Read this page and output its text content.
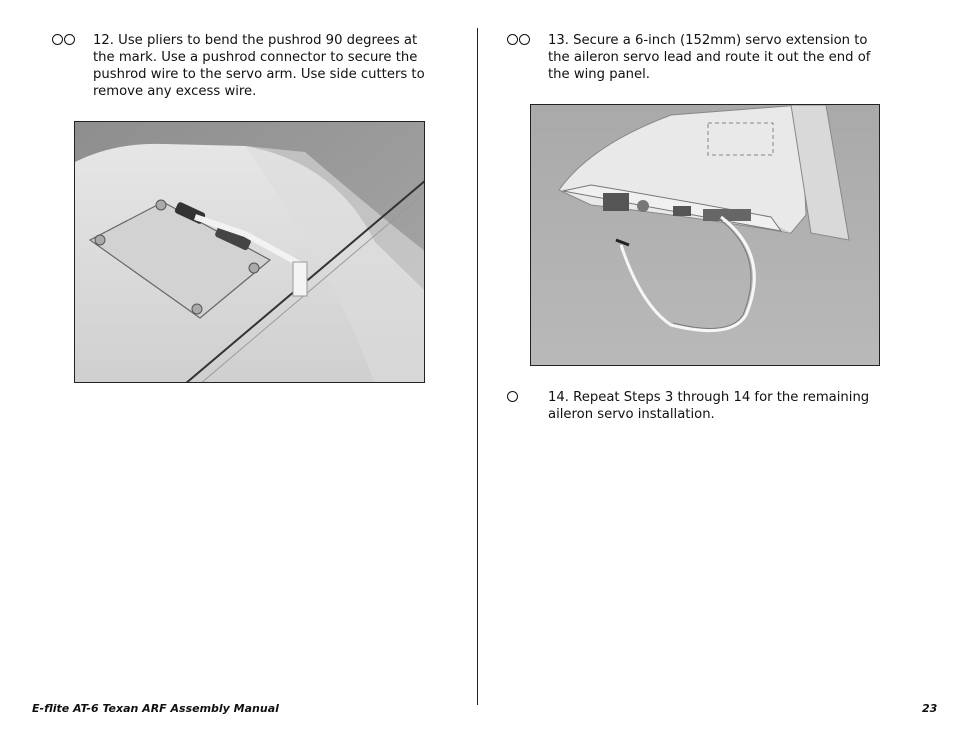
12. Use pliers to bend the pushrod 90 degrees at the mark. Use a pushrod connector to secure the pushrod wire to the servo arm. Use side cutters to remove any excess wire.
13. Secure a 6-inch (152mm) servo extension to the aileron servo lead and route it out the end of the wing panel.
14. Repeat Steps 3 through 14 for the remaining aileron servo installation.
E-flite AT-6 Texan ARF Assembly Manual	23
